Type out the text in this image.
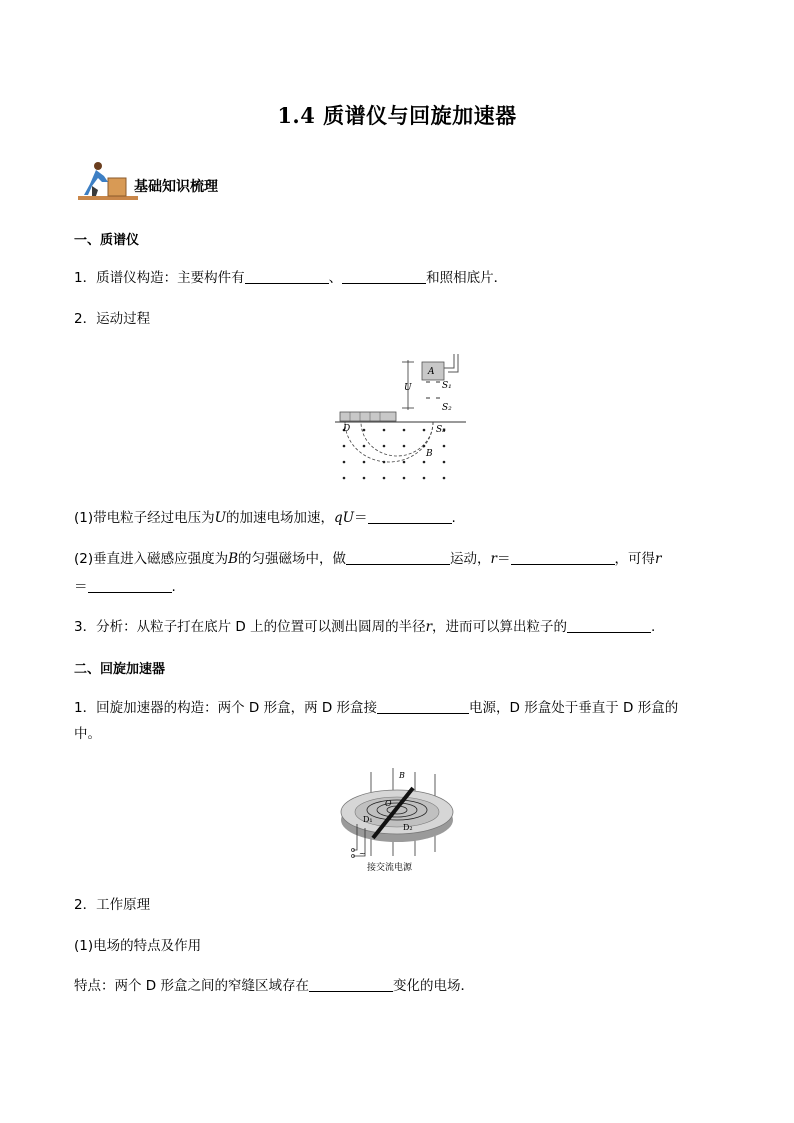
1.4 质谱仪与回旋加速器
基础知识梳理
一、质谱仪
1．质谱仪构造：主要构件有	、	和照相底片．
2．运动过程
A
U	S₁
S₂
S₃
D
B
(1)带电粒子经过电压为U的加速电场加速，qU＝	.
(2)垂直进入磁感应强度为B的匀强磁场中，做	运动，r＝	，可得r
＝	.
3．分析：从粒子打在底片 D 上的位置可以测出圆周的半径r，进而可以算出粒子的	.
二、回旋加速器
1．回旋加速器的构造：两个 D 形盒，两 D 形盒接	电源，D 形盒处于垂直于 D 形盒的
中。
B
O
D₁
D₂
~
接交流电源
2．工作原理
(1)电场的特点及作用
特点：两个 D 形盒之间的窄缝区域存在	变化的电场．
